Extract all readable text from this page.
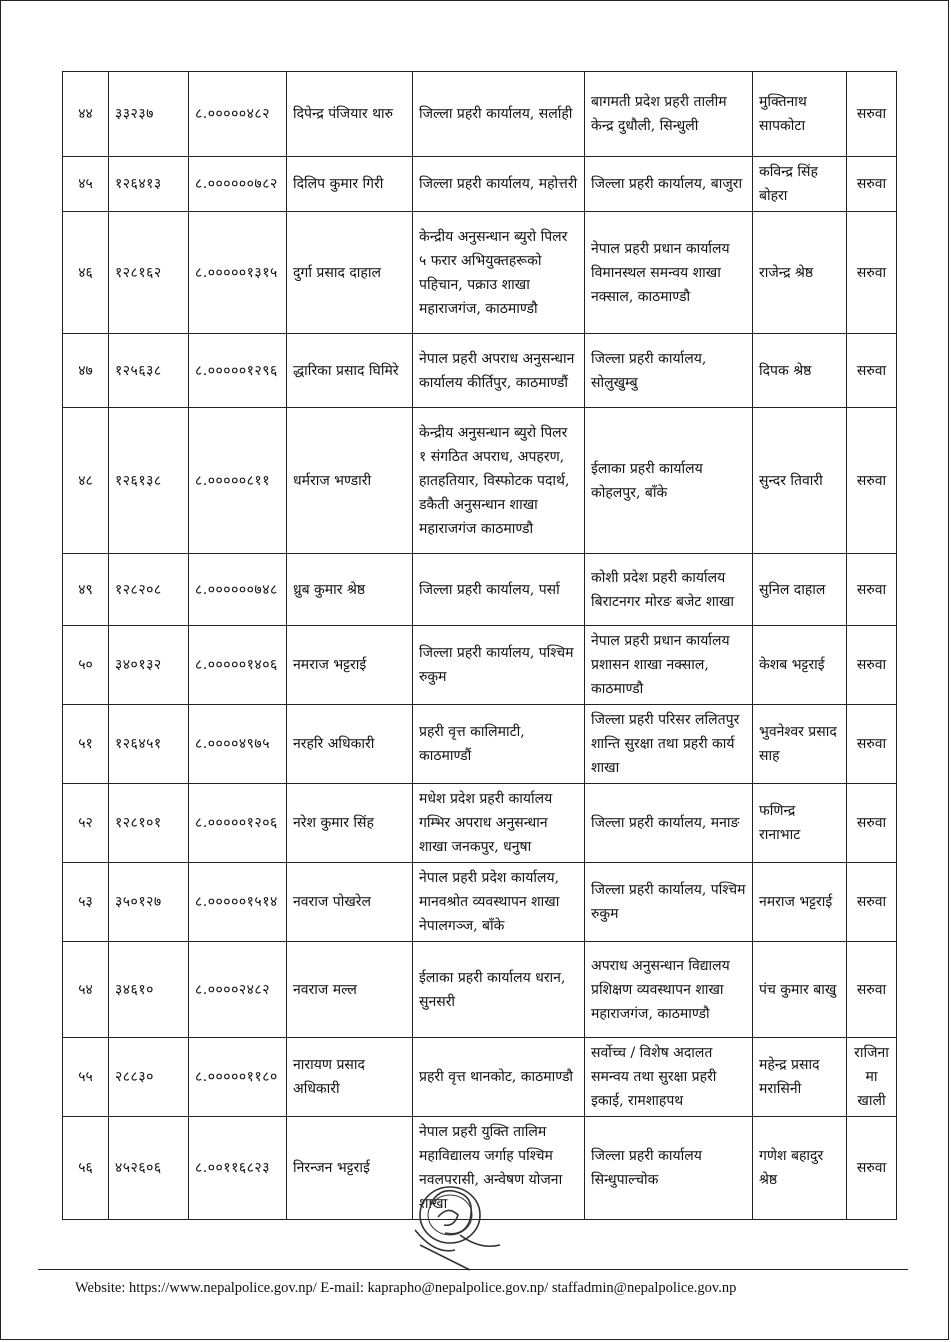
४४	३३२३७	८.०००००४८२	दिपेन्द्र पंजियार थारु	जिल्ला प्रहरी कार्यालय, सर्लाही	बागमती प्रदेश प्रहरी तालीम केन्द्र दुधौली, सिन्धुली	मुक्तिनाथ सापकोटा	सरुवा
४५	१२६४१३	८.००००००७८२	दिलिप कुमार गिरी	जिल्ला प्रहरी कार्यालय, महोत्तरी	जिल्ला प्रहरी कार्यालय, बाजुरा	कविन्द्र सिंह बोहरा	सरुवा
४६	१२८१६२	८.०००००१३१५	दुर्गा प्रसाद दाहाल	केन्द्रीय अनुसन्धान ब्युरो पिलर ५ फरार अभियुक्तहरूको पहिचान, पक्राउ शाखा महाराजगंज, काठमाण्डौ	नेपाल प्रहरी प्रधान कार्यालय विमानस्थल समन्वय शाखा नक्साल, काठमाण्डौ	राजेन्द्र श्रेष्ठ	सरुवा
४७	१२५६३८	८.०००००१२९६	द्धारिका प्रसाद घिमिरे	नेपाल प्रहरी अपराध अनुसन्धान कार्यालय कीर्तिपुर, काठमाण्डौं	जिल्ला प्रहरी कार्यालय, सोलुखुम्बु	दिपक श्रेष्ठ	सरुवा
४८	१२६१३८	८.०००००८११	धर्मराज भण्डारी	केन्द्रीय अनुसन्धान ब्युरो पिलर १ संगठित अपराध, अपहरण, हातहतियार, विस्फोटक पदार्थ, डकैती अनुसन्धान शाखा महाराजगंज काठमाण्डौ	ईलाका प्रहरी कार्यालय कोहलपुर, बाँके	सुन्दर तिवारी	सरुवा
४९	१२८२०८	८.००००००७४८	ध्रुब कुमार श्रेष्ठ	जिल्ला प्रहरी कार्यालय, पर्सा	कोशी प्रदेश प्रहरी कार्यालय बिराटनगर मोरङ बजेट शाखा	सुनिल दाहाल	सरुवा
५०	३४०१३२	८.०००००१४०६	नमराज भट्टराई	जिल्ला प्रहरी कार्यालय, पश्चिम रुकुम	नेपाल प्रहरी प्रधान कार्यालय प्रशासन शाखा नक्साल, काठमाण्डौ	केशब भट्टराई	सरुवा
५१	१२६४५१	८.००००४९७५	नरहरि अधिकारी	प्रहरी वृत्त कालिमाटी, काठमाण्डौं	जिल्ला प्रहरी परिसर ललितपुर शान्ति सुरक्षा तथा प्रहरी कार्य शाखा	भुवनेश्वर प्रसाद साह	सरुवा
५२	१२८१०१	८.०००००१२०६	नरेश कुमार सिंह	मधेश प्रदेश प्रहरी कार्यालय गम्भिर अपराध अनुसन्धान शाखा जनकपुर, धनुषा	जिल्ला प्रहरी कार्यालय, मनाङ	फणिन्द्र रानाभाट	सरुवा
५३	३५०१२७	८.०००००१५१४	नवराज पोखरेल	नेपाल प्रहरी प्रदेश कार्यालय, मानवश्रोत व्यवस्थापन शाखा नेपालगञ्ज, बाँके	जिल्ला प्रहरी कार्यालय, पश्चिम रुकुम	नमराज भट्टराई	सरुवा
५४	३४६१०	८.००००२४८२	नवराज मल्ल	ईलाका प्रहरी कार्यालय धरान, सुनसरी	अपराध अनुसन्धान विद्यालय प्रशिक्षण व्यवस्थापन शाखा महाराजगंज, काठमाण्डौ	पंच कुमार बाखु	सरुवा
५५	२८८३०	८.०००००११८०	नारायण प्रसाद अधिकारी	प्रहरी वृत्त थानकोट, काठमाण्डौ	सर्वोच्च / विशेष अदालत समन्वय तथा सुरक्षा प्रहरी इकाई, रामशाहपथ	महेन्द्र प्रसाद मरासिनी	राजिनामा खाली
५६	४५२६०६	८.००११६८२३	निरन्जन भट्टराई	नेपाल प्रहरी युक्ति तालिम महाविद्यालय जर्गाह पश्चिम नवलपरासी, अन्वेषण योजना शाखा	जिल्ला प्रहरी कार्यालय सिन्धुपाल्चोक	गणेश बहादुर श्रेष्ठ	सरुवा
Website: https://www.nepalpolice.gov.np/ E-mail: kaprapho@nepalpolice.gov.np/ staffadmin@nepalpolice.gov.np
